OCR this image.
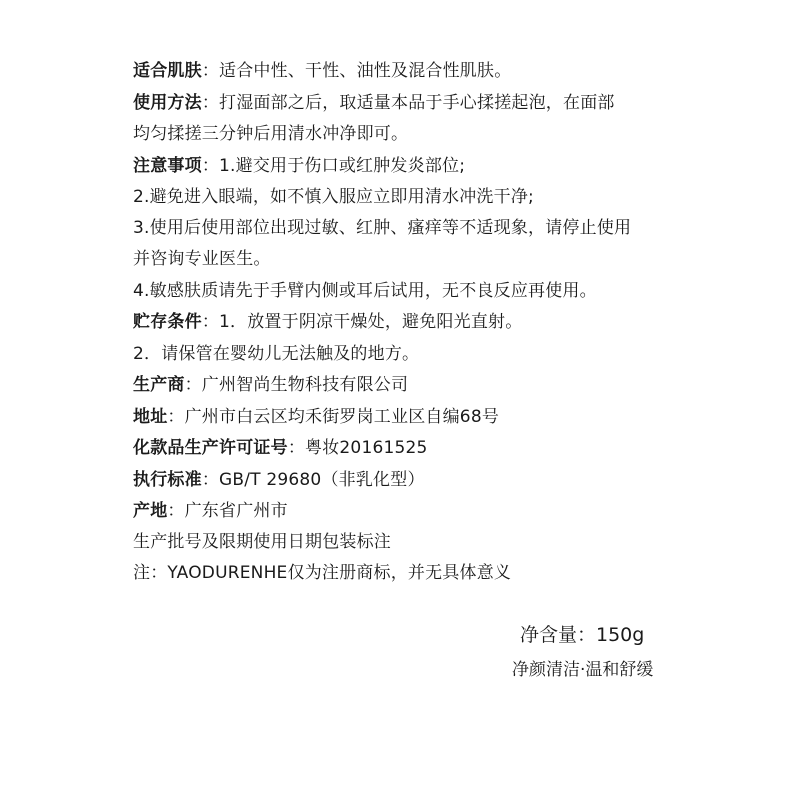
适合肌肤：适合中性、干性、油性及混合性肌肤。
使用方法：打湿面部之后，取适量本品于手心揉搓起泡，在面部
均匀揉搓三分钟后用清水冲净即可。
注意事项：1.避交用于伤口或红肿发炎部位;
2.避免进入眼端，如不慎入服应立即用清水冲洗干净;
3.使用后使用部位出现过敏、红肿、瘙痒等不适现象，请停止使用
并咨询专业医生。
4.敏感肤质请先于手臂内侧或耳后试用，无不良反应再使用。
贮存条件：1．放置于阴凉干燥处，避免阳光直射。
2．请保管在婴幼儿无法触及的地方。
生产商：广州智尚生物科技有限公司
地址：广州市白云区均禾街罗岗工业区自编68号
化款品生产许可证号：粤妆20161525
执行标准：GB/T 29680（非乳化型）
产地：广东省广州市
生产批号及限期使用日期包装标注
注：YAODURENHE仅为注册商标，并无具体意义
净含量：150g
净颜清洁·温和舒缓
